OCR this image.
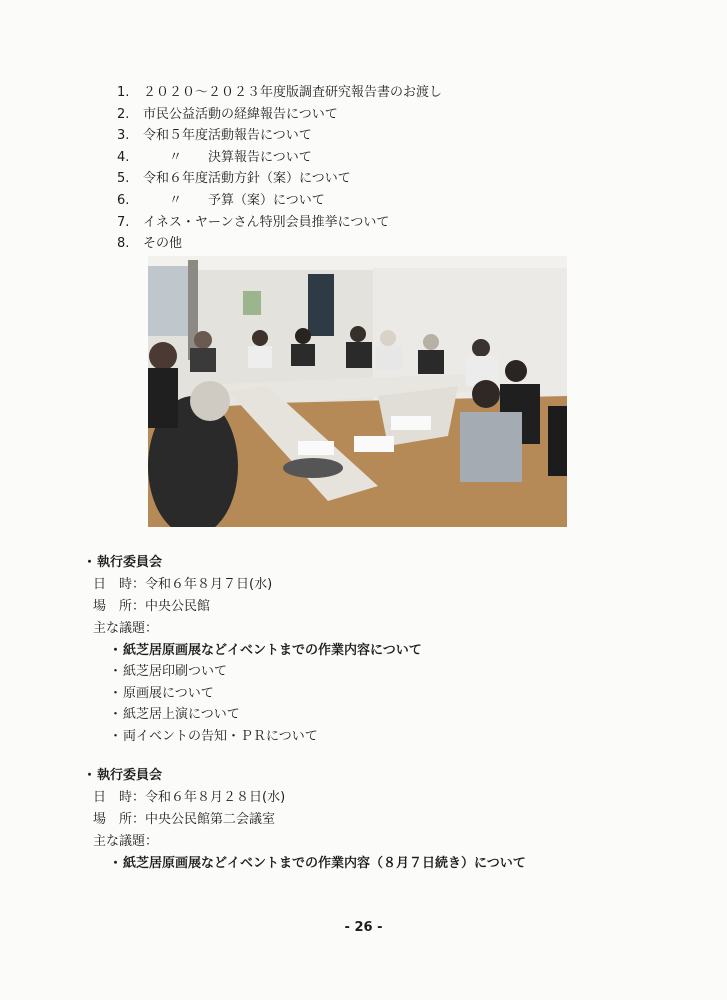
1. ２０２０～２０２３年度版調査研究報告書のお渡し
2. 市民公益活動の経緯報告について
3. 令和５年度活動報告について
4.　　〃　　決算報告について
5. 令和６年度活動方針（案）について
6.　　〃　　予算（案）について
7. イネス・ヤーンさん特別会員推挙について
8. その他
・執行委員会
日　時：令和６年８月７日(水)
場　所：中央公民館
主な議題：
・紙芝居原画展などイベントまでの作業内容について
・紙芝居印刷ついて
・原画展について
・紙芝居上演について
・両イベントの告知・ＰＲについて
・執行委員会
日　時：令和６年８月２８日(水)
場　所：中央公民館第二会議室
主な議題：
・紙芝居原画展などイベントまでの作業内容（８月７日続き）について
- 26 -
